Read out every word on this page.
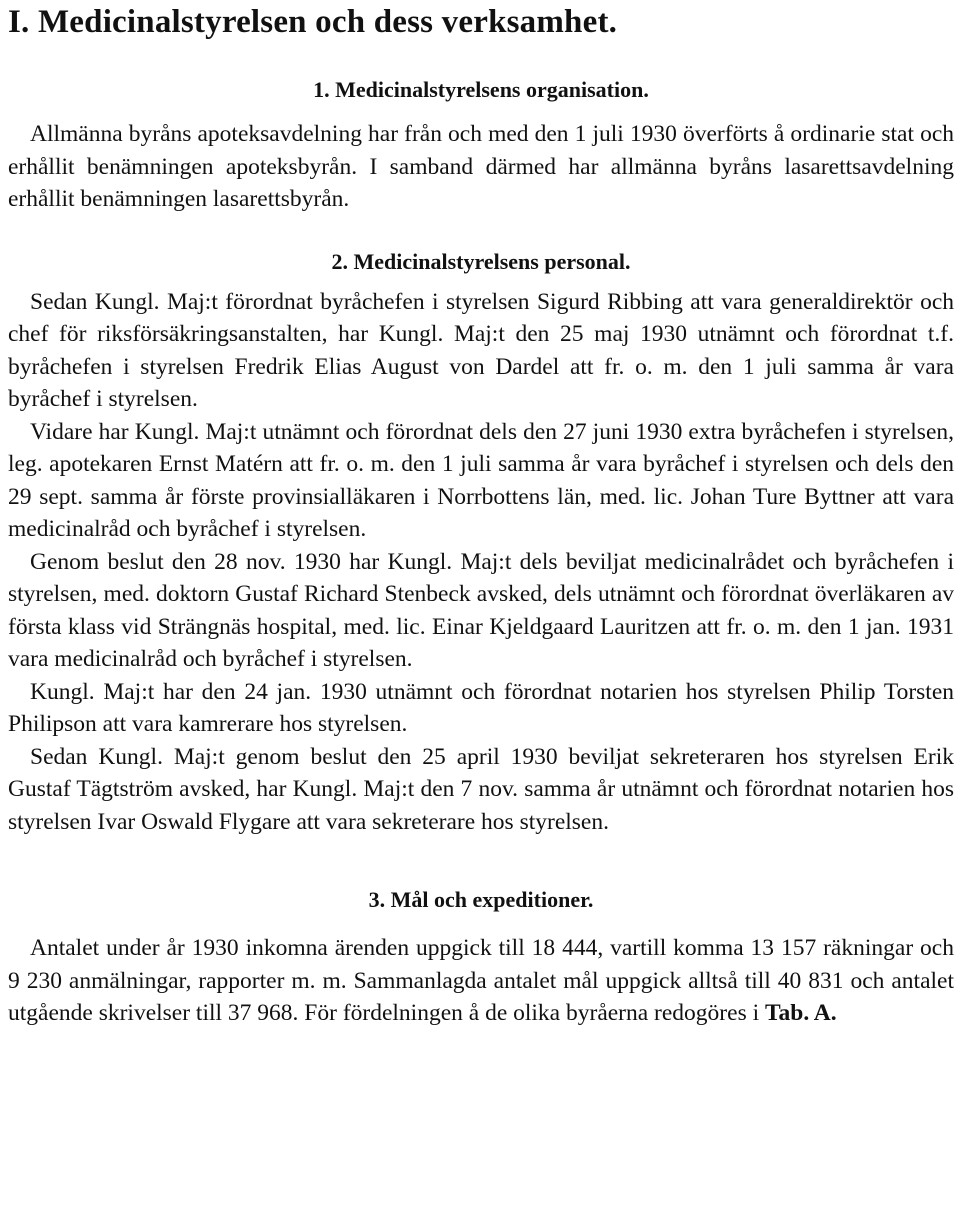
I. Medicinalstyrelsen och dess verksamhet.
1. Medicinalstyrelsens organisation.

Allmänna byråns apoteksavdelning har från och med den 1 juli 1930 överförts å ordinarie stat och erhållit benämningen apoteksbyrån. I samband därmed har allmänna byråns lasarettsavdelning erhållit benämningen lasarettsbyrån.

2. Medicinalstyrelsens personal.

Sedan Kungl. Maj:t förordnat byråchefen i styrelsen Sigurd Ribbing att vara generaldirektör och chef för riksförsäkringsanstalten, har Kungl. Maj:t den 25 maj 1930 utnämnt och förordnat t.f. byråchefen i styrelsen Fredrik Elias August von Dardel att fr. o. m. den 1 juli samma år vara byråchef i styrelsen.

Vidare har Kungl. Maj:t utnämnt och förordnat dels den 27 juni 1930 extra byråchefen i styrelsen, leg. apotekaren Ernst Matérn att fr. o. m. den 1 juli samma år vara byråchef i styrelsen och dels den 29 sept. samma år förste provinsialläkaren i Norrbottens län, med. lic. Johan Ture Byttner att vara medicinalråd och byråchef i styrelsen.

Genom beslut den 28 nov. 1930 har Kungl. Maj:t dels beviljat medicinalrådet och byråchefen i styrelsen, med. doktorn Gustaf Richard Stenbeck avsked, dels utnämnt och förordnat överläkaren av första klass vid Strängnäs hospital, med. lic. Einar Kjeldgaard Lauritzen att fr. o. m. den 1 jan. 1931 vara medicinalråd och byråchef i styrelsen.

Kungl. Maj:t har den 24 jan. 1930 utnämnt och förordnat notarien hos styrelsen Philip Torsten Philipson att vara kamrerare hos styrelsen.

Sedan Kungl. Maj:t genom beslut den 25 april 1930 beviljat sekreteraren hos styrelsen Erik Gustaf Tägtström avsked, har Kungl. Maj:t den 7 nov. samma år utnämnt och förordnat notarien hos styrelsen Ivar Oswald Flygare att vara sekreterare hos styrelsen.

3. Mål och expeditioner.

Antalet under år 1930 inkomna ärenden uppgick till 18 444, vartill komma 13 157 räkningar och 9 230 anmälningar, rapporter m. m. Sammanlagda antalet mål uppgick alltså till 40 831 och antalet utgående skrivelser till 37 968. För fördelningen å de olika byråerna redogöres i Tab. A.
